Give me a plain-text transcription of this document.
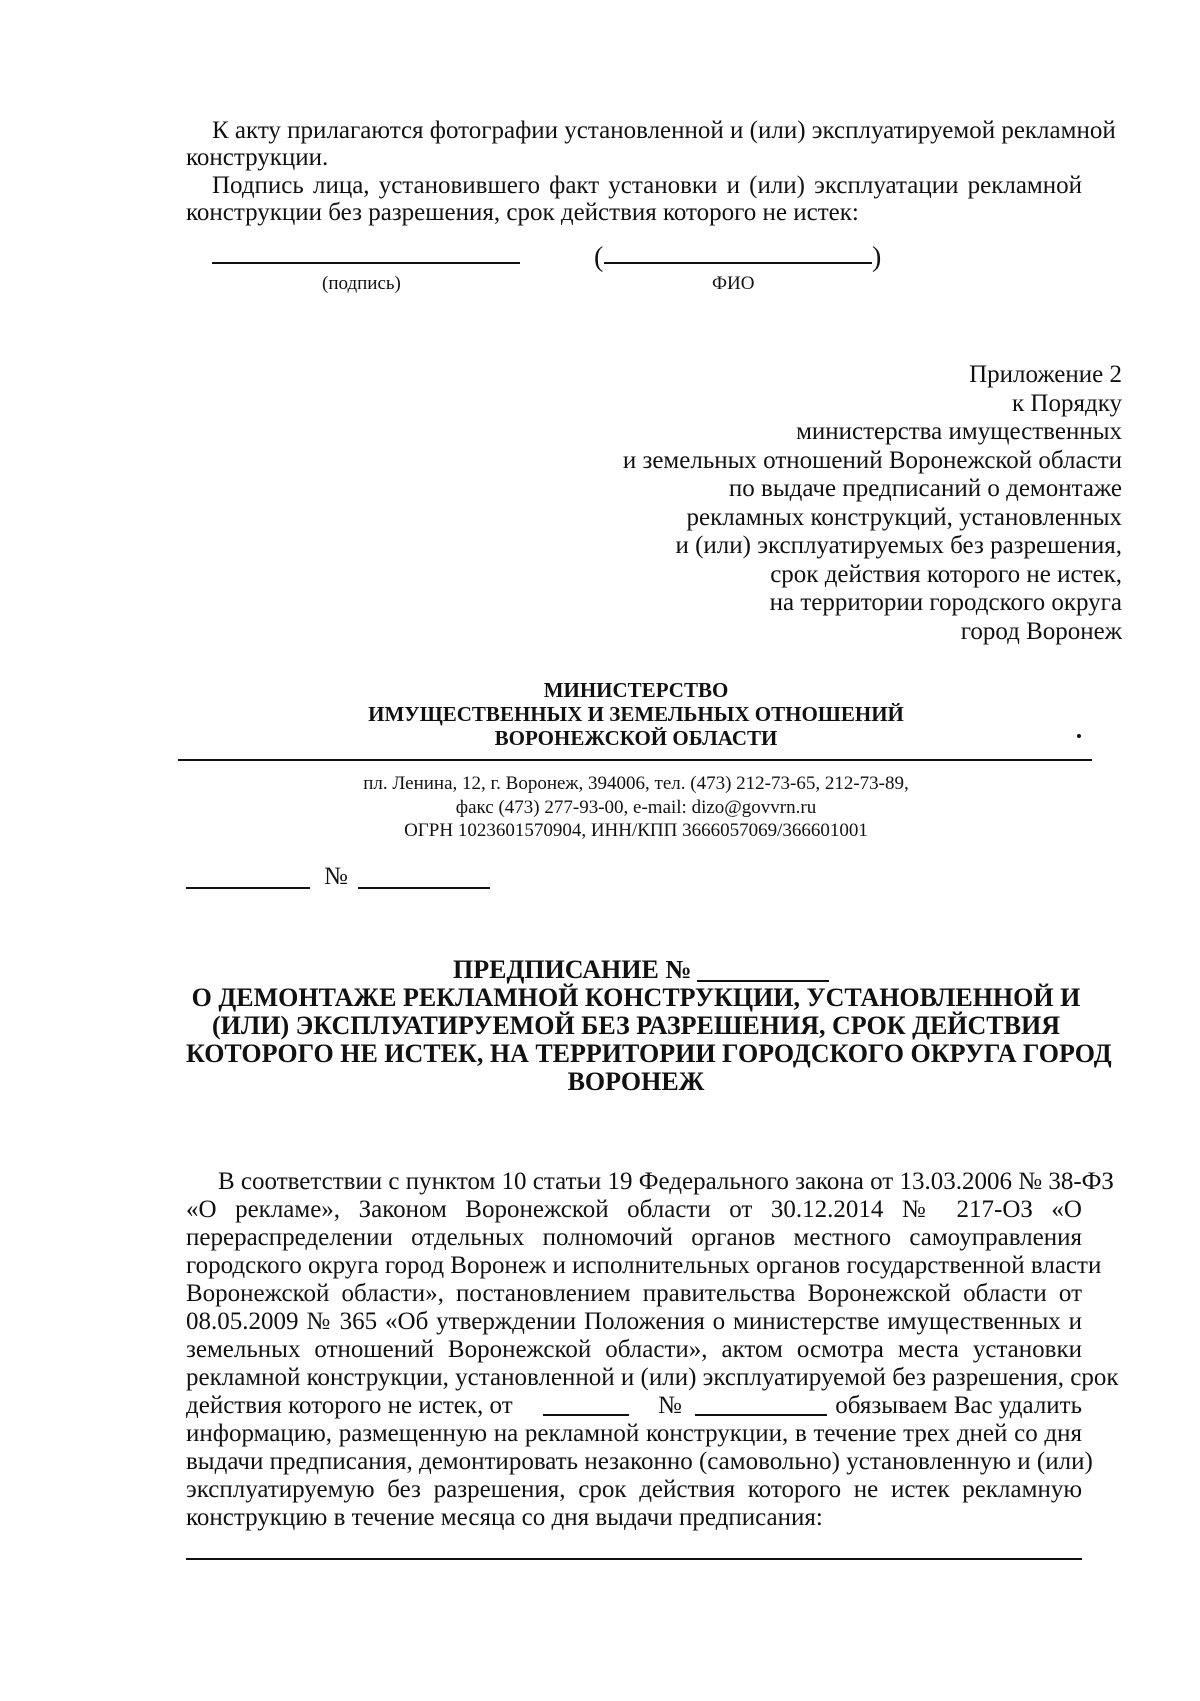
К акту прилагаются фотографии установленной и (или) эксплуатируемой рекламной
конструкции.
Подпись лица, установившего факт установки и (или) эксплуатации рекламной
конструкции без разрешения, срок действия которого не истек:
(подпись)
(	)
ФИО
Приложение 2
к Порядку
министерства имущественных
и земельных отношений Воронежской области
по выдаче предписаний о демонтаже
рекламных конструкций, установленных
и (или) эксплуатируемых без разрешения,
срок действия которого не истек,
на территории городского округа
город Воронеж
МИНИСТЕРСТВО
ИМУЩЕСТВЕННЫХ И ЗЕМЕЛЬНЫХ ОТНОШЕНИЙ
ВОРОНЕЖСКОЙ ОБЛАСТИ
пл. Ленина, 12, г. Воронеж, 394006, тел. (473) 212-73-65, 212-73-89,
факс (473) 277-93-00, e-mail: dizo@govvrn.ru
ОГРН 1023601570904, ИНН/КПП 3666057069/366601001
№
ПРЕДПИСАНИЕ №
О ДЕМОНТАЖЕ РЕКЛАМНОЙ КОНСТРУКЦИИ, УСТАНОВЛЕННОЙ И
(ИЛИ) ЭКСПЛУАТИРУЕМОЙ БЕЗ РАЗРЕШЕНИЯ, СРОК ДЕЙСТВИЯ
КОТОРОГО НЕ ИСТЕК, НА ТЕРРИТОРИИ ГОРОДСКОГО ОКРУГА ГОРОД
ВОРОНЕЖ
В соответствии с пунктом 10 статьи 19 Федерального закона от 13.03.2006 № 38-ФЗ
«О рекламе», Законом Воронежской области от 30.12.2014 № 217-ОЗ «О
перераспределении отдельных полномочий органов местного самоуправления
городского округа город Воронеж и исполнительных органов государственной власти
Воронежской области», постановлением правительства Воронежской области от
08.05.2009 № 365 «Об утверждении Положения о министерстве имущественных и
земельных отношений Воронежской области», актом осмотра места установки
рекламной конструкции, установленной и (или) эксплуатируемой без разрешения, срок
действия которого не истек, от	№	обязываем Вас удалить
информацию, размещенную на рекламной конструкции, в течение трех дней со дня
выдачи предписания, демонтировать незаконно (самовольно) установленную и (или)
эксплуатируемую без разрешения, срок действия которого не истек рекламную
конструкцию в течение месяца со дня выдачи предписания:
